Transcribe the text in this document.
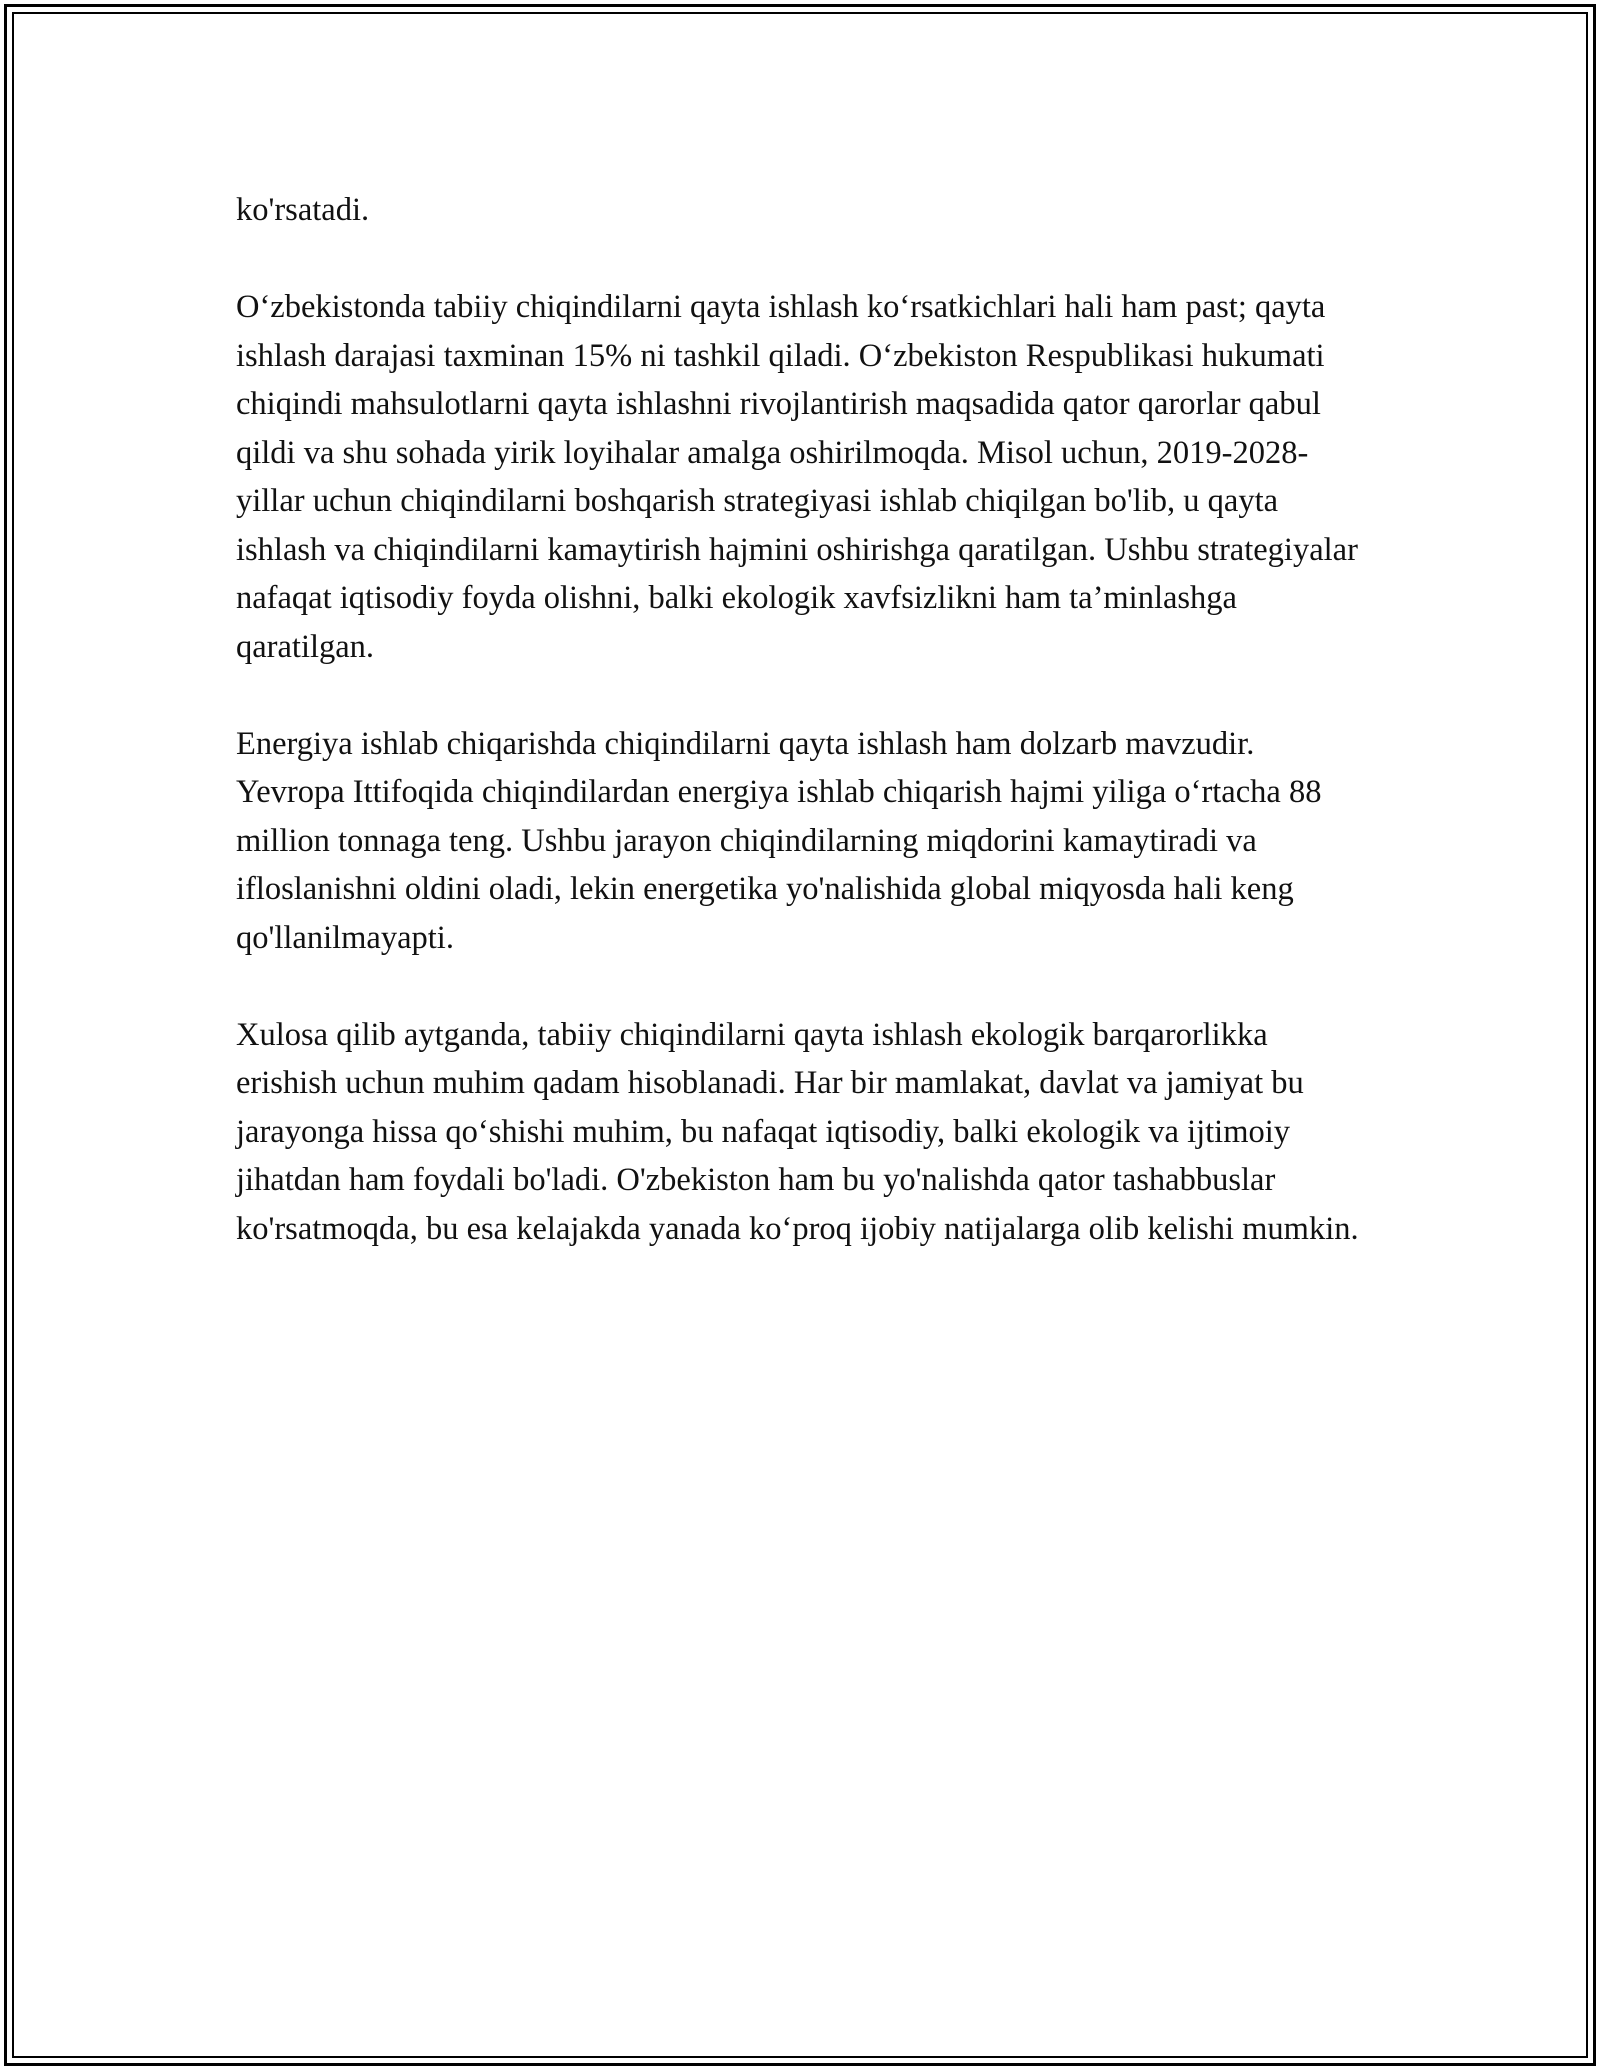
ko'rsatadi.

O‘zbekistonda tabiiy chiqindilarni qayta ishlash ko‘rsatkichlari hali ham past; qayta ishlash darajasi taxminan 15% ni tashkil qiladi. O‘zbekiston Respublikasi hukumati chiqindi mahsulotlarni qayta ishlashni rivojlantirish maqsadida qator qarorlar qabul qildi va shu sohada yirik loyihalar amalga oshirilmoqda. Misol uchun, 2019-2028-yillar uchun chiqindilarni boshqarish strategiyasi ishlab chiqilgan bo'lib, u qayta ishlash va chiqindilarni kamaytirish hajmini oshirishga qaratilgan. Ushbu strategiyalar nafaqat iqtisodiy foyda olishni, balki ekologik xavfsizlikni ham ta’minlashga qaratilgan.

Energiya ishlab chiqarishda chiqindilarni qayta ishlash ham dolzarb mavzudir. Yevropa Ittifoqida chiqindilardan energiya ishlab chiqarish hajmi yiliga o‘rtacha 88 million tonnaga teng. Ushbu jarayon chiqindilarning miqdorini kamaytiradi va ifloslanishni oldini oladi, lekin energetika yo'nalishida global miqyosda hali keng qo'llanilmayapti.

Xulosa qilib aytganda, tabiiy chiqindilarni qayta ishlash ekologik barqarorlikka erishish uchun muhim qadam hisoblanadi. Har bir mamlakat, davlat va jamiyat bu jarayonga hissa qo‘shishi muhim, bu nafaqat iqtisodiy, balki ekologik va ijtimoiy jihatdan ham foydali bo'ladi. O'zbekiston ham bu yo'nalishda qator tashabbuslar ko'rsatmoqda, bu esa kelajakda yanada ko‘proq ijobiy natijalarga olib kelishi mumkin.
